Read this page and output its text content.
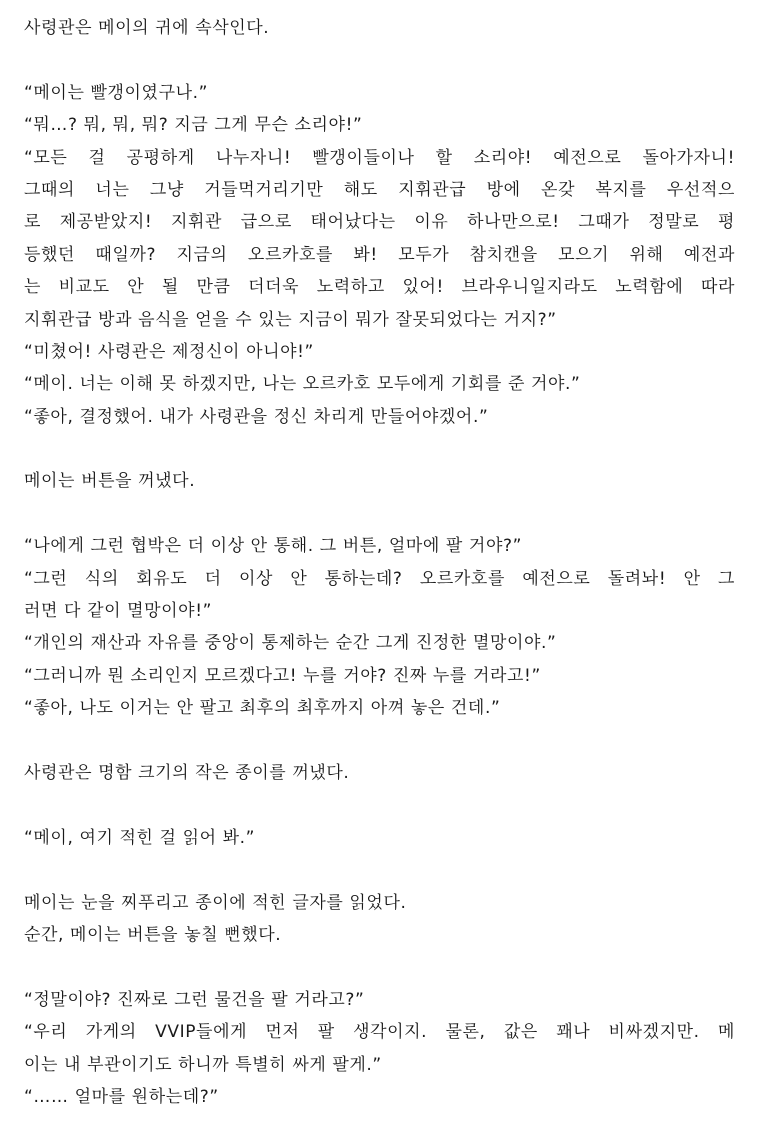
사령관은 메이의 귀에 속삭인다.
“메이는 빨갱이였구나.”
“뭐…? 뭐, 뭐, 뭐? 지금 그게 무슨 소리야!”
“모든 걸 공평하게 나누자니! 빨갱이들이나 할 소리야! 예전으로 돌아가자니!
그때의 너는 그냥 거들먹거리기만 해도 지휘관급 방에 온갖 복지를 우선적으
로 제공받았지! 지휘관 급으로 태어났다는 이유 하나만으로! 그때가 정말로 평
등했던 때일까? 지금의 오르카호를 봐! 모두가 참치캔을 모으기 위해 예전과
는 비교도 안 될 만큼 더더욱 노력하고 있어! 브라우니일지라도 노력함에 따라
지휘관급 방과 음식을 얻을 수 있는 지금이 뭐가 잘못되었다는 거지?”
“미쳤어! 사령관은 제정신이 아니야!”
“메이. 너는 이해 못 하겠지만, 나는 오르카호 모두에게 기회를 준 거야.”
“좋아, 결정했어. 내가 사령관을 정신 차리게 만들어야겠어.”
메이는 버튼을 꺼냈다.
“나에게 그런 협박은 더 이상 안 통해. 그 버튼, 얼마에 팔 거야?”
“그런 식의 회유도 더 이상 안 통하는데? 오르카호를 예전으로 돌려놔! 안 그
러면 다 같이 멸망이야!”
“개인의 재산과 자유를 중앙이 통제하는 순간 그게 진정한 멸망이야.”
“그러니까 뭔 소리인지 모르겠다고! 누를 거야? 진짜 누를 거라고!”
“좋아, 나도 이거는 안 팔고 최후의 최후까지 아껴 놓은 건데.”
사령관은 명함 크기의 작은 종이를 꺼냈다.
“메이, 여기 적힌 걸 읽어 봐.”
메이는 눈을 찌푸리고 종이에 적힌 글자를 읽었다.
순간, 메이는 버튼을 놓칠 뻔했다.
“정말이야? 진짜로 그런 물건을 팔 거라고?”
“우리 가게의 VVIP들에게 먼저 팔 생각이지. 물론, 값은 꽤나 비싸겠지만. 메
이는 내 부관이기도 하니까 특별히 싸게 팔게.”
“…… 얼마를 원하는데?”
